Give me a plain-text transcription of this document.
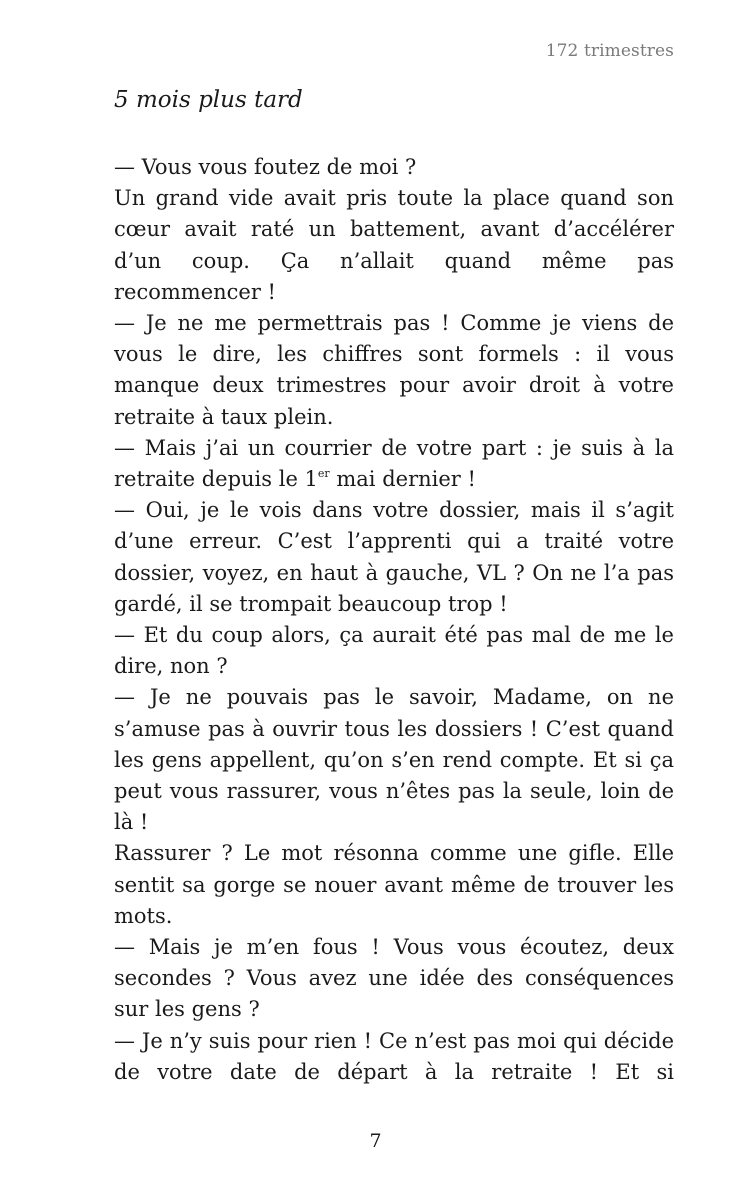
172 trimestres
5 mois plus tard

— Vous vous foutez de moi ?

Un grand vide avait pris toute la place quand son cœur avait raté un battement, avant d’accélérer d’un coup. Ça n’allait quand même pas recommencer !

— Je ne me permettrais pas ! Comme je viens de vous le dire, les chiffres sont formels : il vous manque deux trimestres pour avoir droit à votre retraite à taux plein.

— Mais j’ai un courrier de votre part : je suis à la retraite depuis le 1er mai dernier !

— Oui, je le vois dans votre dossier, mais il s’agit d’une erreur. C’est l’apprenti qui a traité votre dossier, voyez, en haut à gauche, VL ? On ne l’a pas gardé, il se trompait beaucoup trop !

— Et du coup alors, ça aurait été pas mal de me le dire, non ?

— Je ne pouvais pas le savoir, Madame, on ne s’amuse pas à ouvrir tous les dossiers ! C’est quand les gens appellent, qu’on s’en rend compte. Et si ça peut vous rassurer, vous n’êtes pas la seule, loin de là !

Rassurer ? Le mot résonna comme une gifle. Elle sentit sa gorge se nouer avant même de trouver les mots.

— Mais je m’en fous ! Vous vous écoutez, deux secondes ? Vous avez une idée des conséquences sur les gens ?

— Je n’y suis pour rien ! Ce n’est pas moi qui décide de votre date de départ à la retraite ! Et si

7
